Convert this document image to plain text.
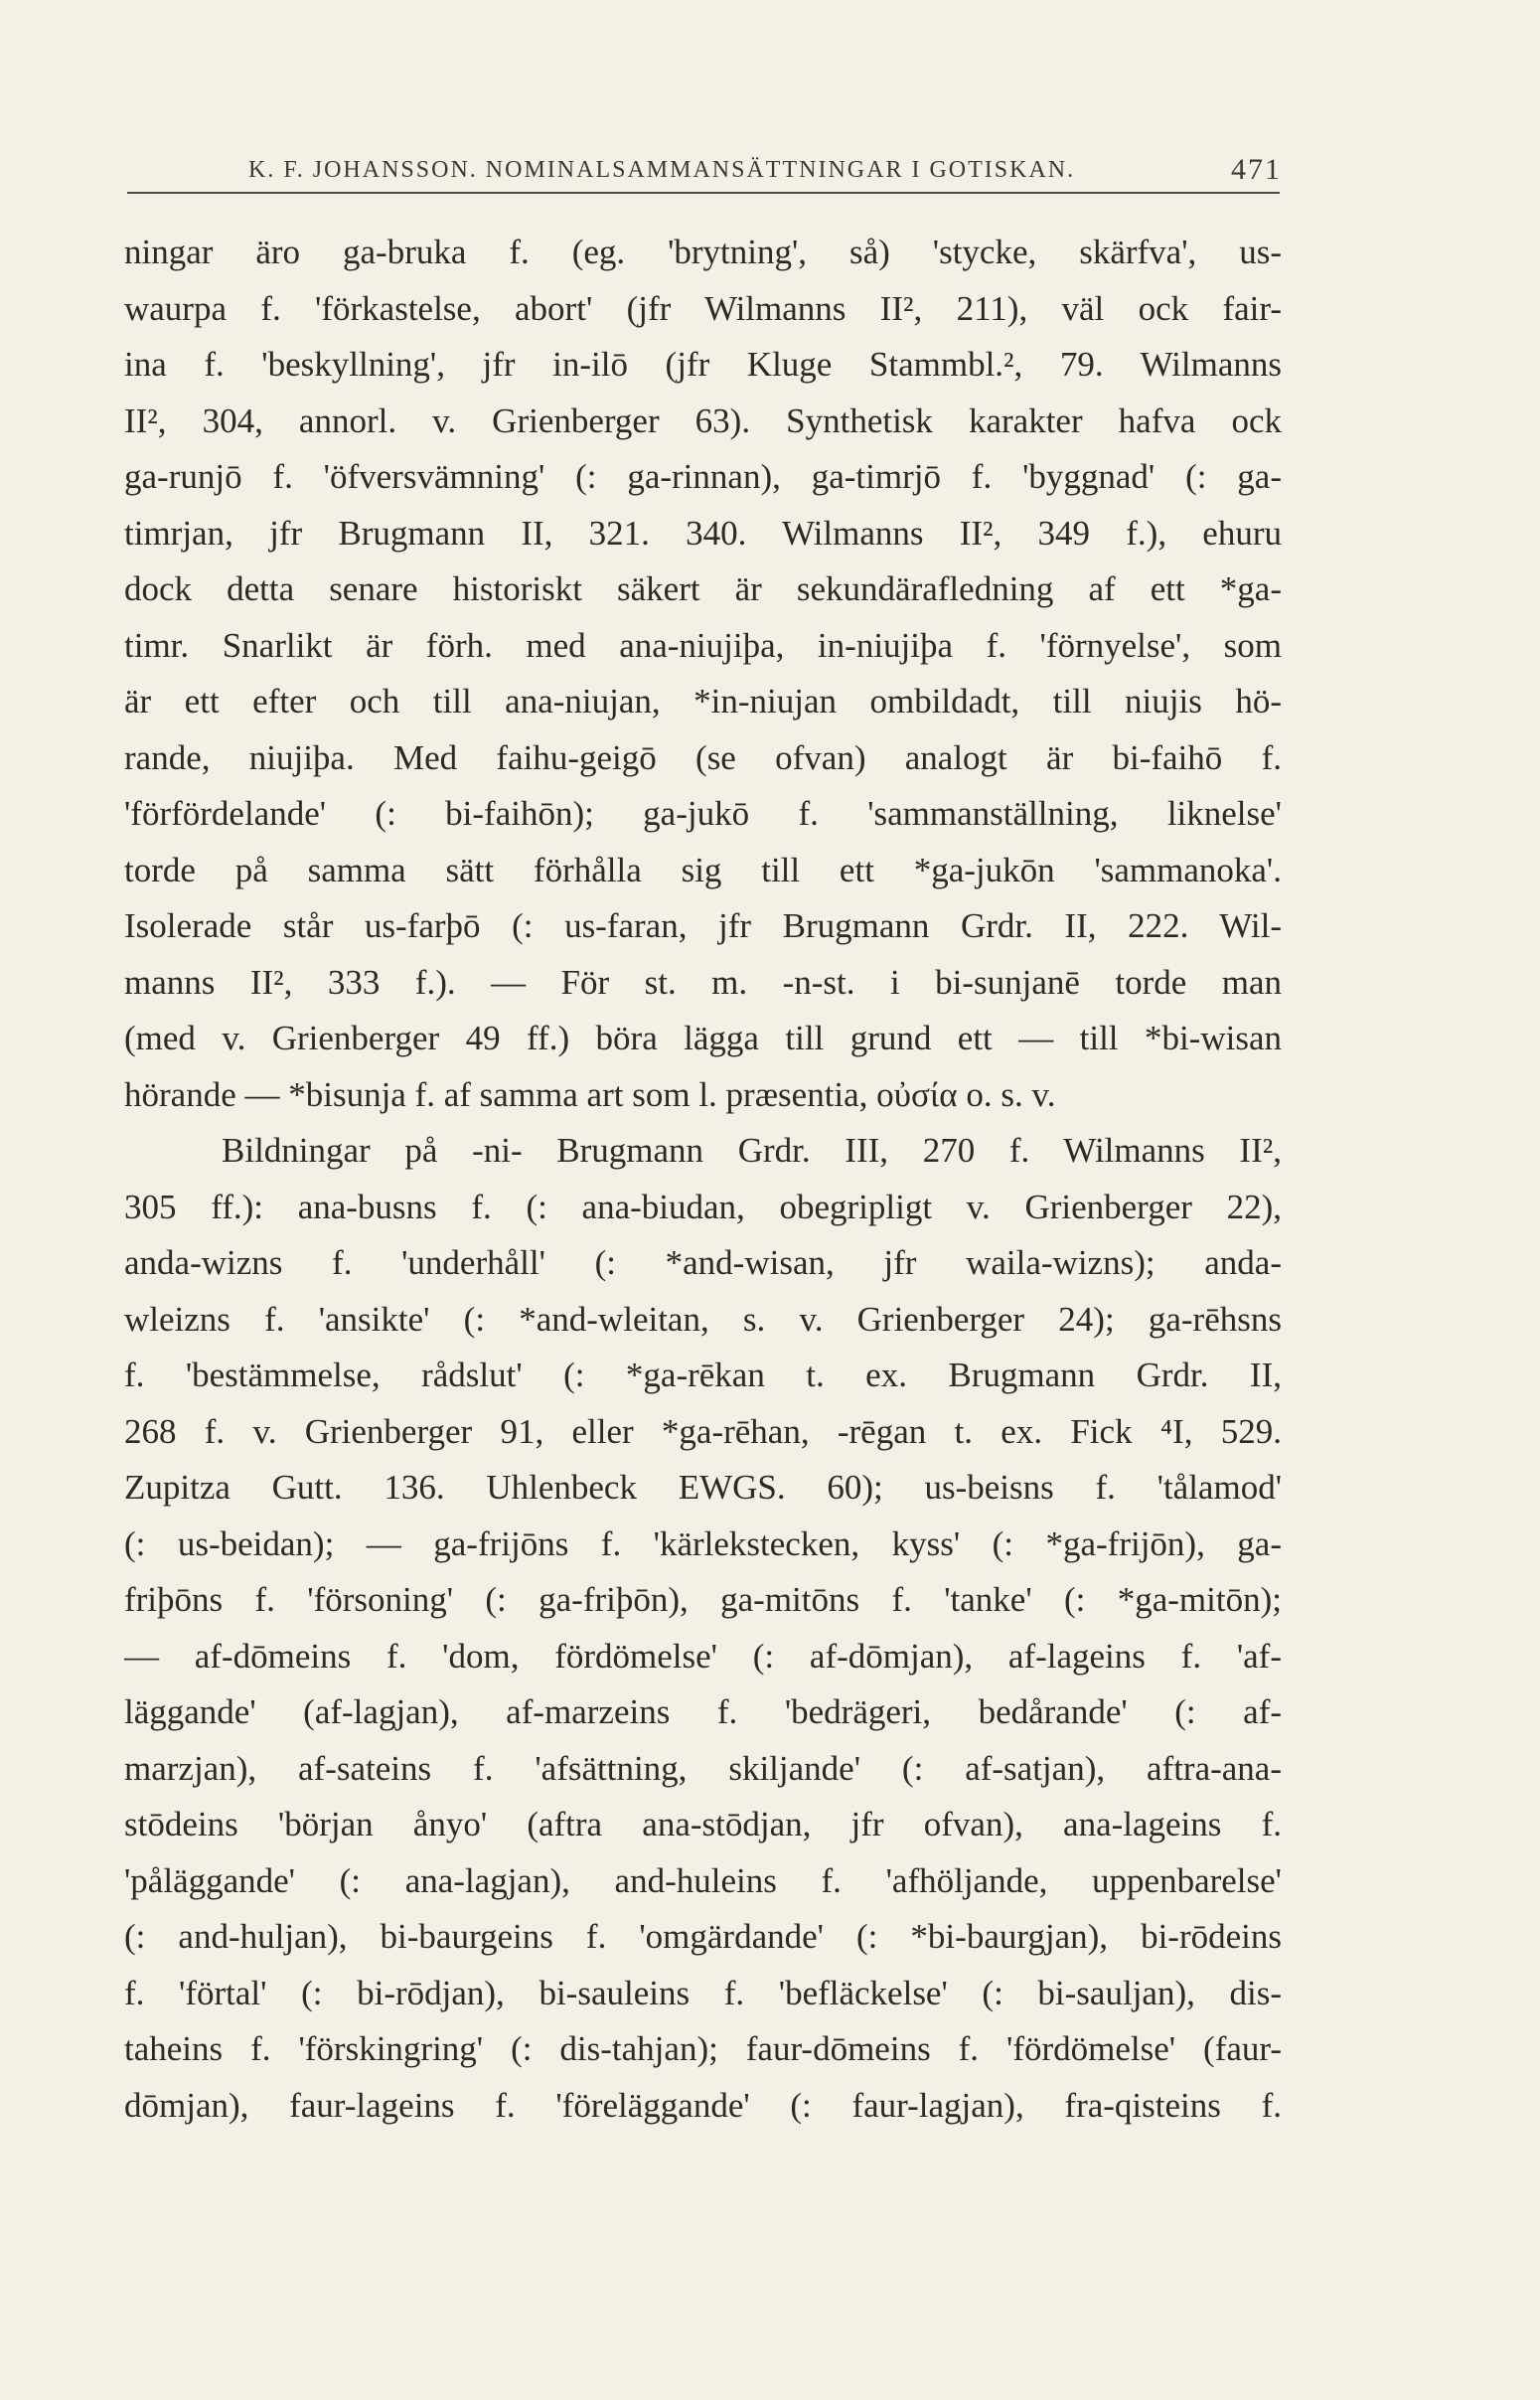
K. F. JOHANSSON. NOMINALSAMMANSÄTTNINGAR I GOTISKAN.	471
ningar äro ga-bruka f. (eg. 'brytning', så) 'stycke, skärfva', us-
waurpa f. 'förkastelse, abort' (jfr Wilmanns II², 211), väl ock fair-
ina f. 'beskyllning', jfr in-ilō (jfr Kluge Stammbl.², 79. Wilmanns
II², 304, annorl. v. Grienberger 63). Synthetisk karakter hafva ock
ga-runjō f. 'öfversvämning' (: ga-rinnan), ga-timrjō f. 'byggnad' (: ga-
timrjan, jfr Brugmann II, 321. 340. Wilmanns II², 349 f.), ehuru
dock detta senare historiskt säkert är sekundärafledning af ett *ga-
timr. Snarlikt är förh. med ana-niujiþa, in-niujiþa f. 'förnyelse', som
är ett efter och till ana-niujan, *in-niujan ombildadt, till niujis hö-
rande, niujiþa. Med faihu-geigō (se ofvan) analogt är bi-faihō f.
'förfördelande' (: bi-faihōn); ga-jukō f. 'sammanställning, liknelse'
torde på samma sätt förhålla sig till ett *ga-jukōn 'sammanoka'.
Isolerade står us-farþō (: us-faran, jfr Brugmann Grdr. II, 222. Wil-
manns II², 333 f.). — För st. m. -n-st. i bi-sunjanē torde man
(med v. Grienberger 49 ff.) böra lägga till grund ett — till *bi-wisan
hörande — *bisunja f. af samma art som l. præsentia, οὐσία o. s. v.
Bildningar på -ni- Brugmann Grdr. III, 270 f. Wilmanns II²,
305 ff.): ana-busns f. (: ana-biudan, obegripligt v. Grienberger 22),
anda-wizns f. 'underhåll' (: *and-wisan, jfr waila-wizns); anda-
wleizns f. 'ansikte' (: *and-wleitan, s. v. Grienberger 24); ga-rēhsns
f. 'bestämmelse, rådslut' (: *ga-rēkan t. ex. Brugmann Grdr. II,
268 f. v. Grienberger 91, eller *ga-rēhan, -rēgan t. ex. Fick ⁴I, 529.
Zupitza Gutt. 136. Uhlenbeck EWGS. 60); us-beisns f. 'tålamod'
(: us-beidan); — ga-frijōns f. 'kärlekstecken, kyss' (: *ga-frijōn), ga-
friþōns f. 'försoning' (: ga-friþōn), ga-mitōns f. 'tanke' (: *ga-mitōn);
— af-dōmeins f. 'dom, fördömelse' (: af-dōmjan), af-lageins f. 'af-
läggande' (af-lagjan), af-marzeins f. 'bedrägeri, bedårande' (: af-
marzjan), af-sateins f. 'afsättning, skiljande' (: af-satjan), aftra-ana-
stōdeins 'början ånyo' (aftra ana-stōdjan, jfr ofvan), ana-lageins f.
'påläggande' (: ana-lagjan), and-huleins f. 'afhöljande, uppenbarelse'
(: and-huljan), bi-baurgeins f. 'omgärdande' (: *bi-baurgjan), bi-rōdeins
f. 'förtal' (: bi-rōdjan), bi-sauleins f. 'befläckelse' (: bi-sauljan), dis-
taheins f. 'förskingring' (: dis-tahjan); faur-dōmeins f. 'fördömelse' (faur-
dōmjan), faur-lageins f. 'föreläggande' (: faur-lagjan), fra-qisteins f.
